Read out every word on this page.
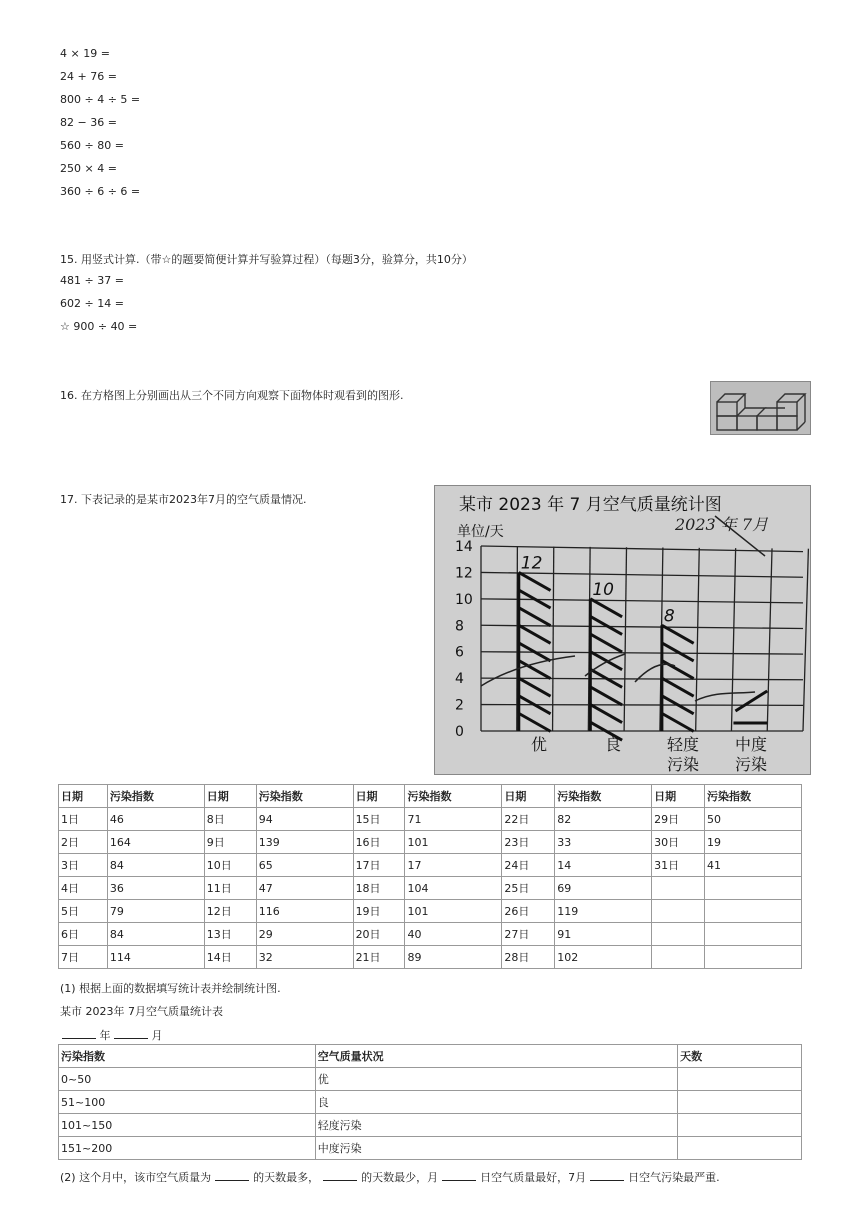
4 × 19 =
24 + 76 =
800 ÷ 4 ÷ 5 =
82 − 36 =
560 ÷ 80 =
250 × 4 =
360 ÷ 6 ÷ 6 =
15. 用竖式计算.（带☆的题要简便计算并写验算过程）（每题3分，验算分，共10分）
481 ÷ 37 =
602 ÷ 14 =
☆ 900 ÷ 40 =
16. 在方格图上分别画出从三个不同方向观察下面物体时观看到的图形.
17. 下表记录的是某市2023年7月的空气质量情况.	某市 2023 年 7 月空气质量统计图
2023 年 7月
单位/天
0
2
4
6
8
10
12
14
12
10
8
优	良	轻度污染
中度污染
日期	污染指数	日期	污染指数	日期	污染指数	日期	污染指数	日期	污染指数
1日	46	8日	94	15日	71	22日	82	29日	50
2日	164	9日	139	16日	101	23日	33	30日	19
3日	84	10日	65	17日	17	24日	14	31日	41
4日	36	11日	47	18日	104	25日	69		
5日	79	12日	116	19日	101	26日	119		
6日	84	13日	29	20日	40	27日	91		
7日	114	14日	32	21日	89	28日	102		
(1) 根据上面的数据填写统计表并绘制统计图.
某市 2023年 7月空气质量统计表
年	月
污染指数	空气质量状况	天数
0~50	优	
51~100	良	
101~150	轻度污染	
151~200	中度污染	
(2) 这个月中，该市空气质量为	的天数最多，	的天数最少，月	日空气质量最好，7月	日空气污染最严重.
